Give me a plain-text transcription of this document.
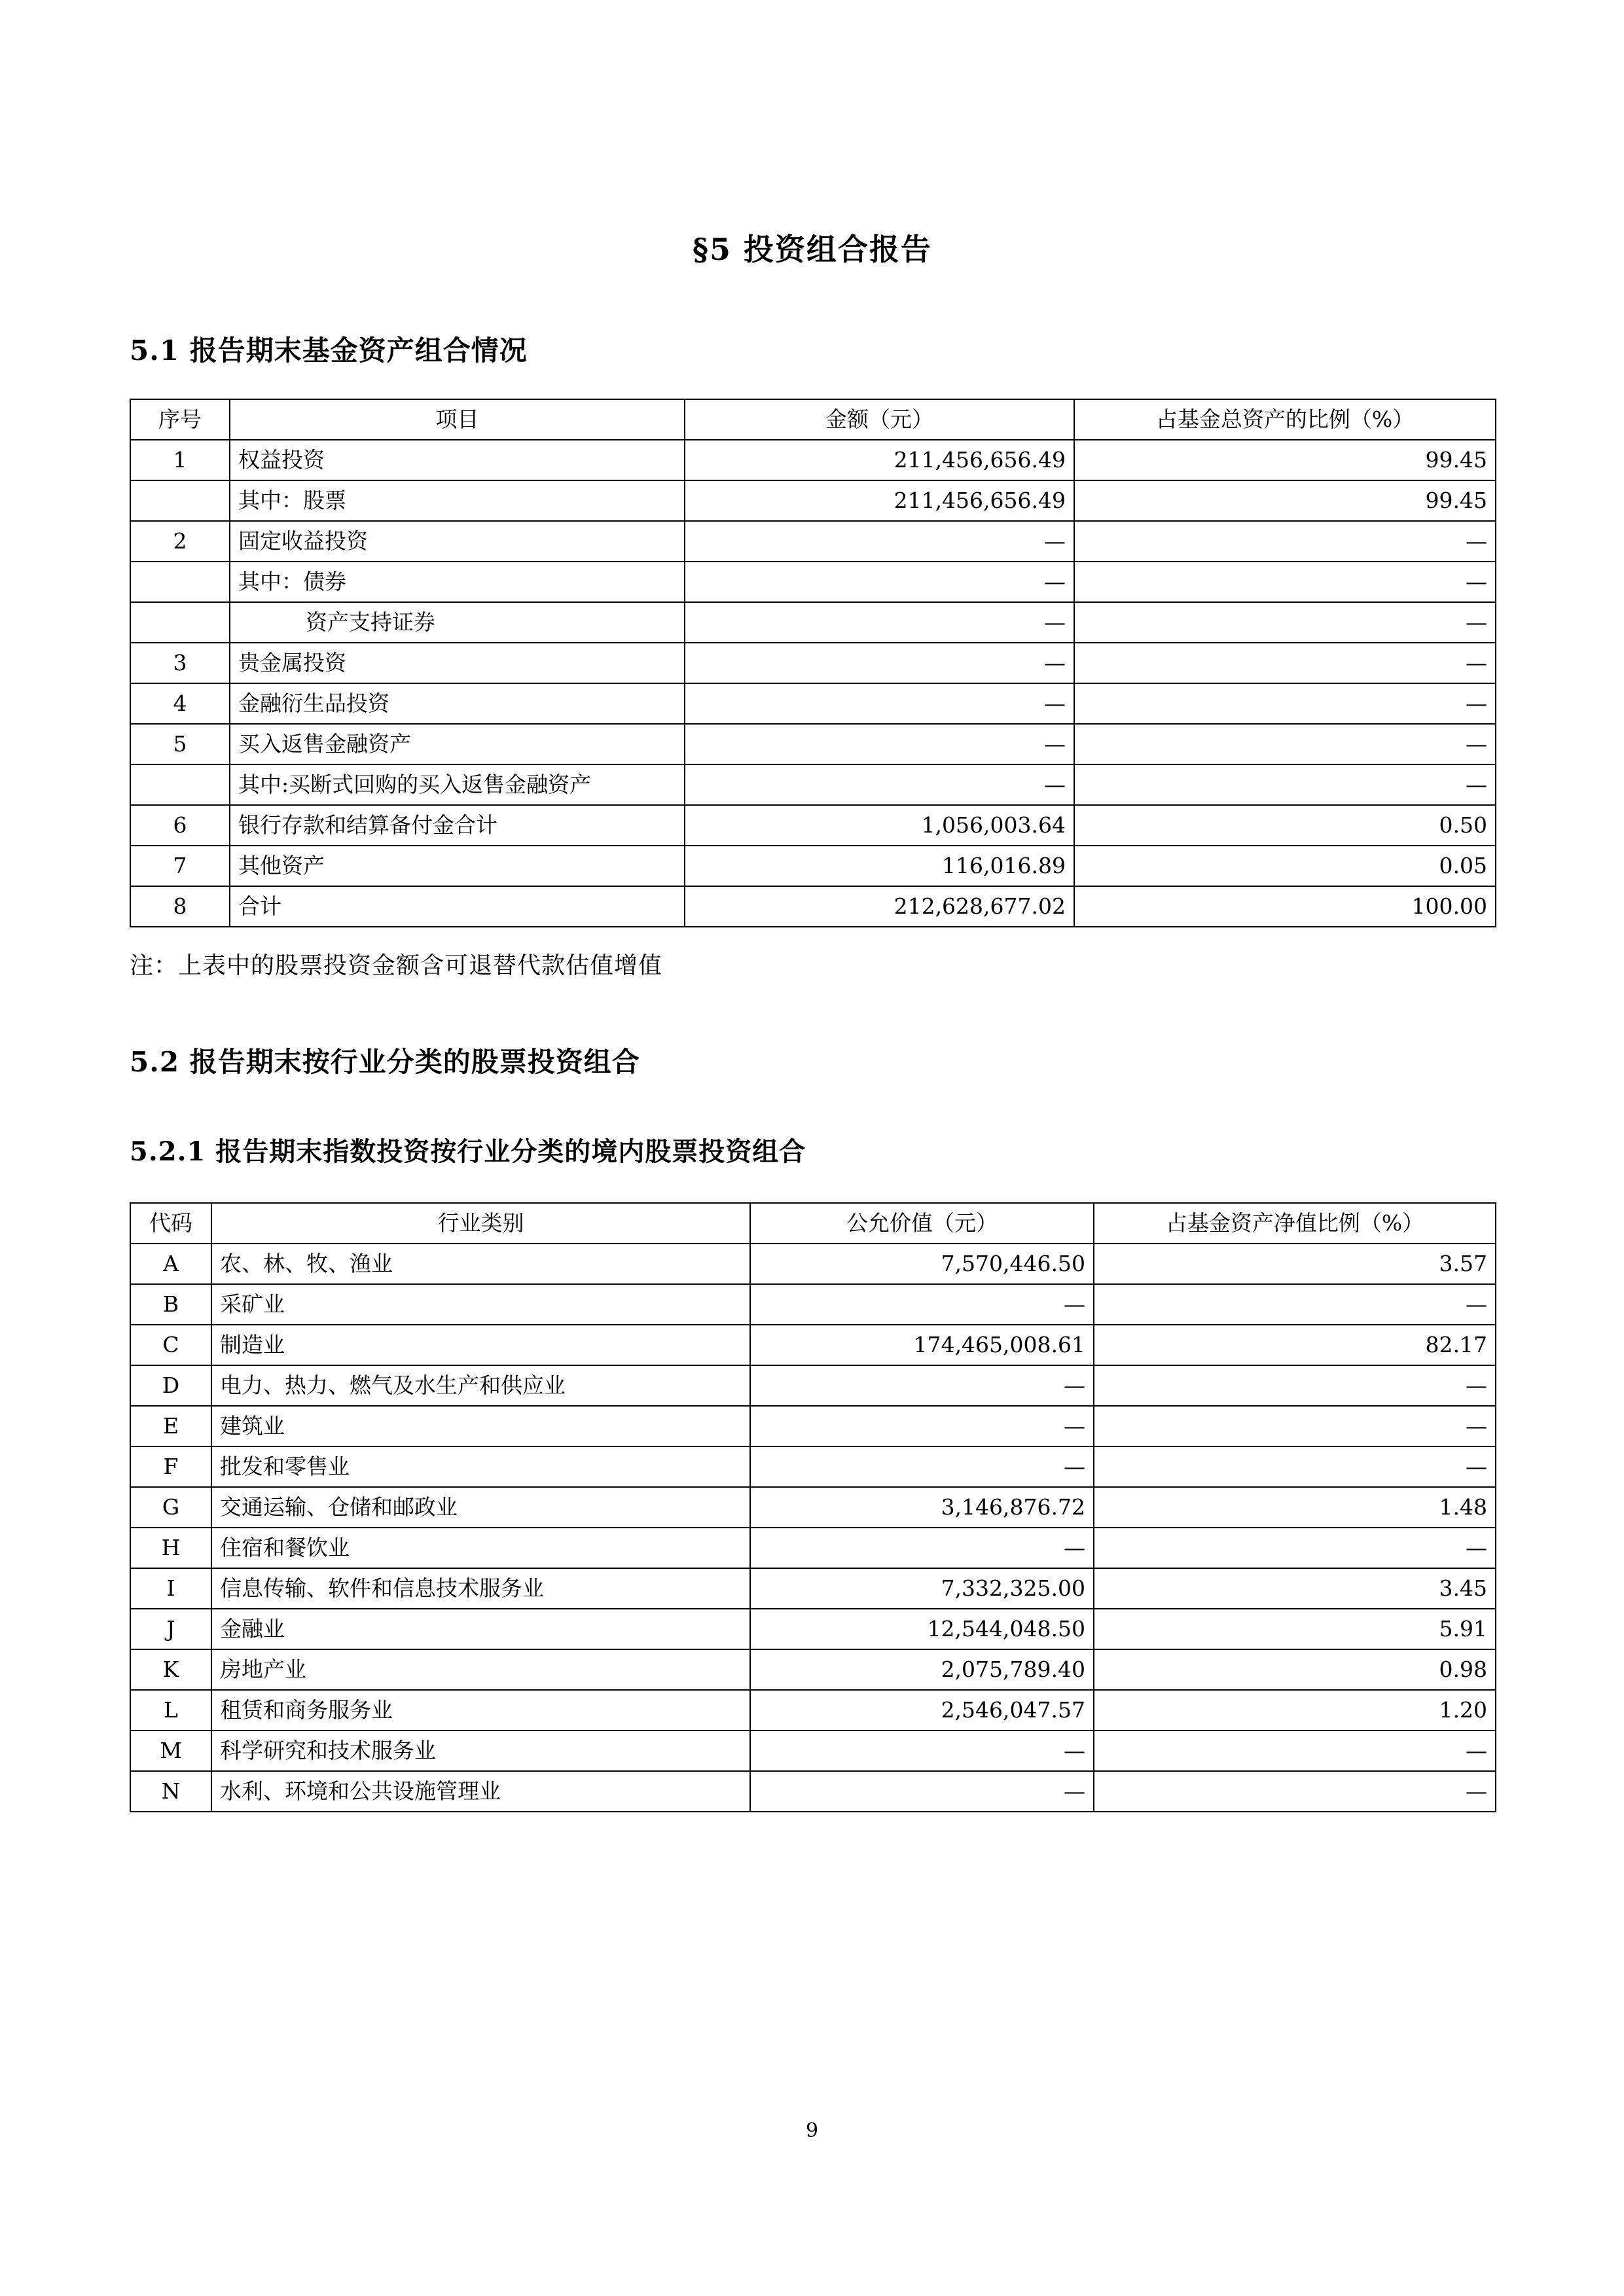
§5 投资组合报告
5.1 报告期末基金资产组合情况
序号	项目	金额（元）	占基金总资产的比例（%）
1	权益投资	211,456,656.49	99.45
	其中：股票	211,456,656.49	99.45
2	固定收益投资	—	—
	其中：债券	—	—
	资产支持证券	—	—
3	贵金属投资	—	—
4	金融衍生品投资	—	—
5	买入返售金融资产	—	—
	其中:买断式回购的买入返售金融资产	—	—
6	银行存款和结算备付金合计	1,056,003.64	0.50
7	其他资产	116,016.89	0.05
8	合计	212,628,677.02	100.00

注：上表中的股票投资金额含可退替代款估值增值

5.2 报告期末按行业分类的股票投资组合
5.2.1 报告期末指数投资按行业分类的境内股票投资组合
代码	行业类别	公允价值（元）	占基金资产净值比例（%）
A	农、林、牧、渔业	7,570,446.50	3.57
B	采矿业	—	—
C	制造业	174,465,008.61	82.17
D	电力、热力、燃气及水生产和供应业	—	—
E	建筑业	—	—
F	批发和零售业	—	—
G	交通运输、仓储和邮政业	3,146,876.72	1.48
H	住宿和餐饮业	—	—
I	信息传输、软件和信息技术服务业	7,332,325.00	3.45
J	金融业	12,544,048.50	5.91
K	房地产业	2,075,789.40	0.98
L	租赁和商务服务业	2,546,047.57	1.20
M	科学研究和技术服务业	—	—
N	水利、环境和公共设施管理业	—	—
9
